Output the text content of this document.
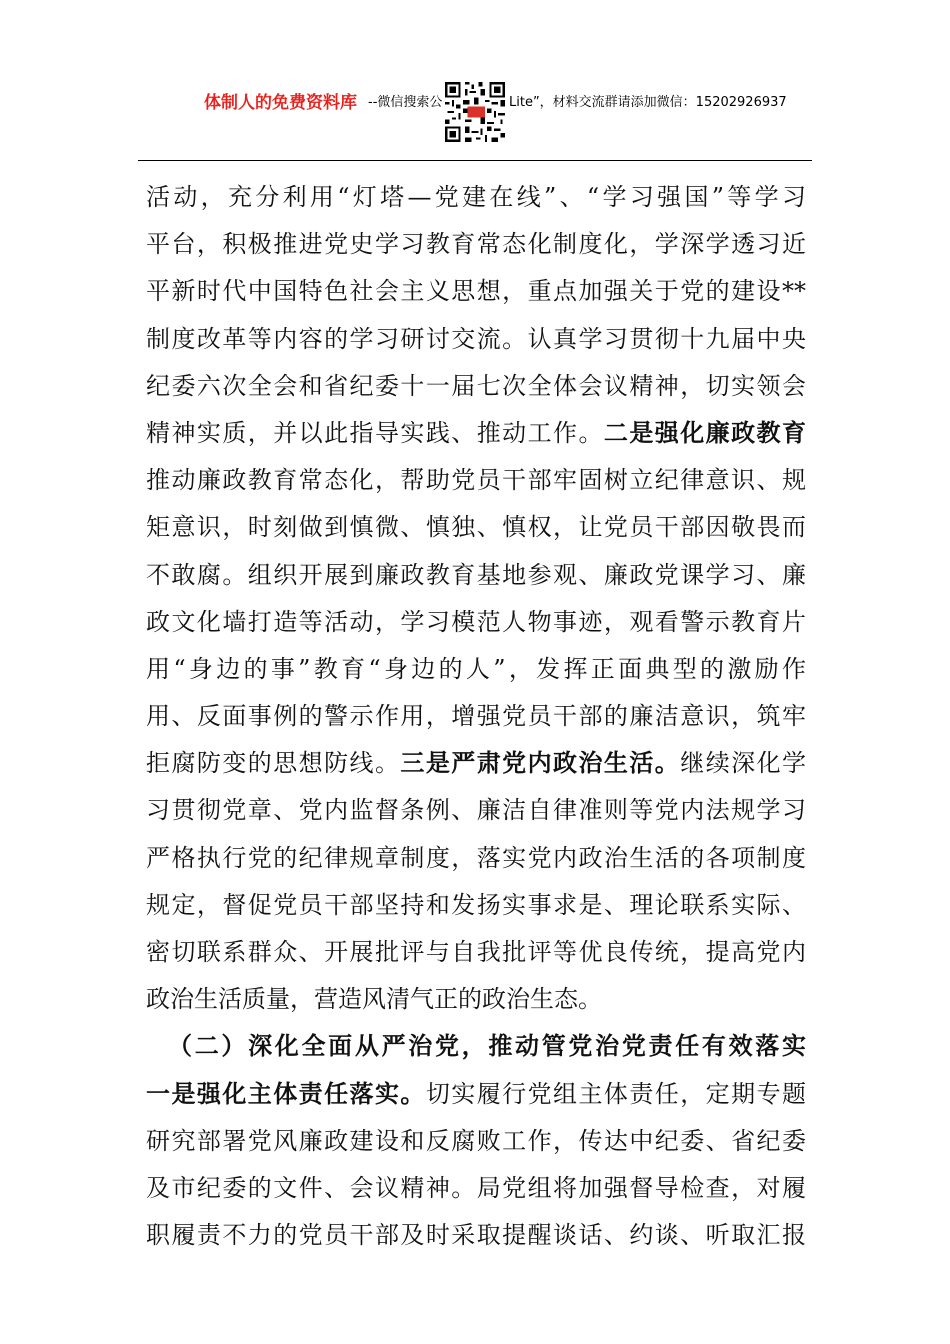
体制人的免费资料库 --微信搜索公	Lite”，材料交流群请添加微信：15202926937
活动，充分利用“灯塔—党建在线”、“学习强国”等学习
平台，积极推进党史学习教育常态化制度化，学深学透习近
平新时代中国特色社会主义思想，重点加强关于党的建设**
制度改革等内容的学习研讨交流。认真学习贯彻十九届中央
纪委六次全会和省纪委十一届七次全体会议精神，切实领会
精神实质，并以此指导实践、推动工作。二是强化廉政教育
推动廉政教育常态化，帮助党员干部牢固树立纪律意识、规
矩意识，时刻做到慎微、慎独、慎权，让党员干部因敬畏而
不敢腐。组织开展到廉政教育基地参观、廉政党课学习、廉
政文化墙打造等活动，学习模范人物事迹，观看警示教育片
用“身边的事”教育“身边的人”，发挥正面典型的激励作
用、反面事例的警示作用，增强党员干部的廉洁意识，筑牢
拒腐防变的思想防线。三是严肃党内政治生活。继续深化学
习贯彻党章、党内监督条例、廉洁自律准则等党内法规学习
严格执行党的纪律规章制度，落实党内政治生活的各项制度
规定，督促党员干部坚持和发扬实事求是、理论联系实际、
密切联系群众、开展批评与自我批评等优良传统，提高党内
政治生活质量，营造风清气正的政治生态。
（二）深化全面从严治党，推动管党治党责任有效落实
一是强化主体责任落实。切实履行党组主体责任，定期专题
研究部署党风廉政建设和反腐败工作，传达中纪委、省纪委
及市纪委的文件、会议精神。局党组将加强督导检查，对履
职履责不力的党员干部及时采取提醒谈话、约谈、听取汇报
